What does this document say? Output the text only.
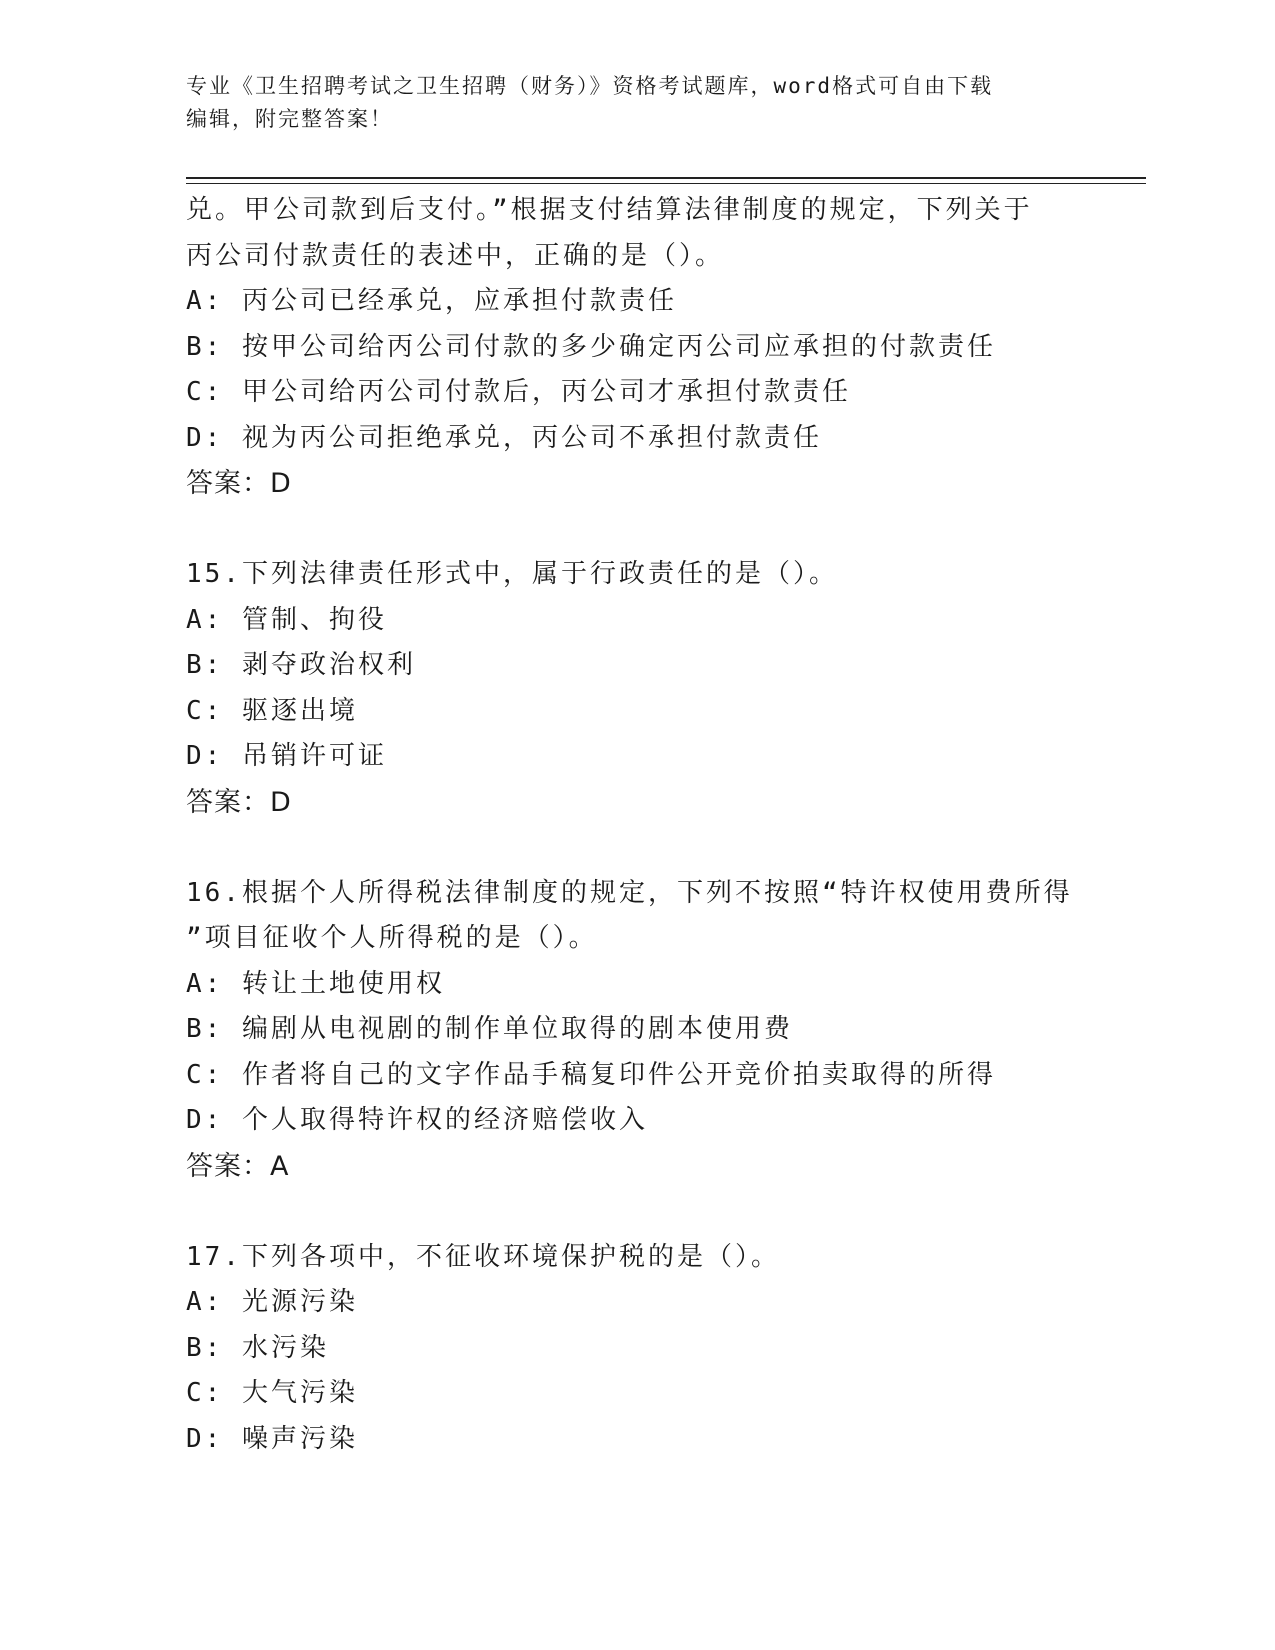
专业《卫生招聘考试之卫生招聘（财务）》资格考试题库，word格式可自由下载
编辑，附完整答案！
兑。甲公司款到后支付。”根据支付结算法律制度的规定，下列关于
丙公司付款责任的表述中，正确的是（）。
A: 丙公司已经承兑，应承担付款责任
B: 按甲公司给丙公司付款的多少确定丙公司应承担的付款责任
C: 甲公司给丙公司付款后，丙公司才承担付款责任
D: 视为丙公司拒绝承兑，丙公司不承担付款责任
答案：D
15.下列法律责任形式中，属于行政责任的是（）。
A: 管制、拘役
B: 剥夺政治权利
C: 驱逐出境
D: 吊销许可证
答案：D
16.根据个人所得税法律制度的规定，下列不按照“特许权使用费所得
”项目征收个人所得税的是（）。
A: 转让土地使用权
B: 编剧从电视剧的制作单位取得的剧本使用费
C: 作者将自己的文字作品手稿复印件公开竞价拍卖取得的所得
D: 个人取得特许权的经济赔偿收入
答案：A
17.下列各项中，不征收环境保护税的是（）。
A: 光源污染
B: 水污染
C: 大气污染
D: 噪声污染
